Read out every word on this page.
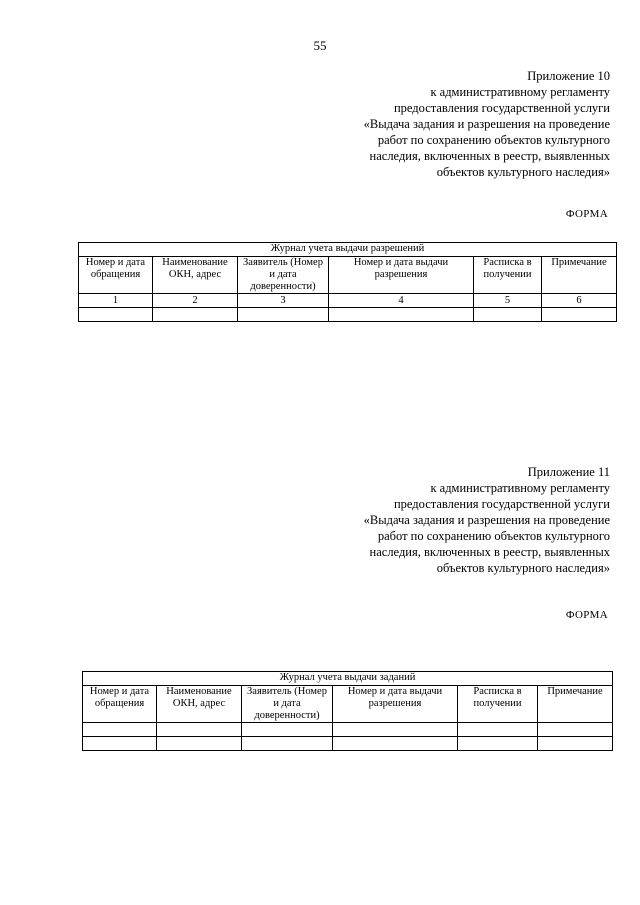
55
Приложение 10
к административному регламенту
предоставления государственной услуги
«Выдача задания и разрешения на проведение
работ по сохранению объектов культурного
наследия, включенных в реестр, выявленных
объектов культурного наследия»
ФОРМА
Журнал учета выдачи разрешений					
Номер и дата обращения	Наименование ОКН, адрес	Заявитель (Номер и дата доверенности)	Номер и дата выдачи разрешения	Расписка в получении	Примечание
1	2	3	4	5	6

Приложение 11
к административному регламенту
предоставления государственной услуги
«Выдача задания и разрешения на проведение
работ по сохранению объектов культурного
наследия, включенных в реестр, выявленных
объектов культурного наследия»
ФОРМА
Журнал учета выдачи заданий					
Номер и дата обращения	Наименование ОКН, адрес	Заявитель (Номер и дата доверенности)	Номер и дата выдачи разрешения	Расписка в получении	Примечание
